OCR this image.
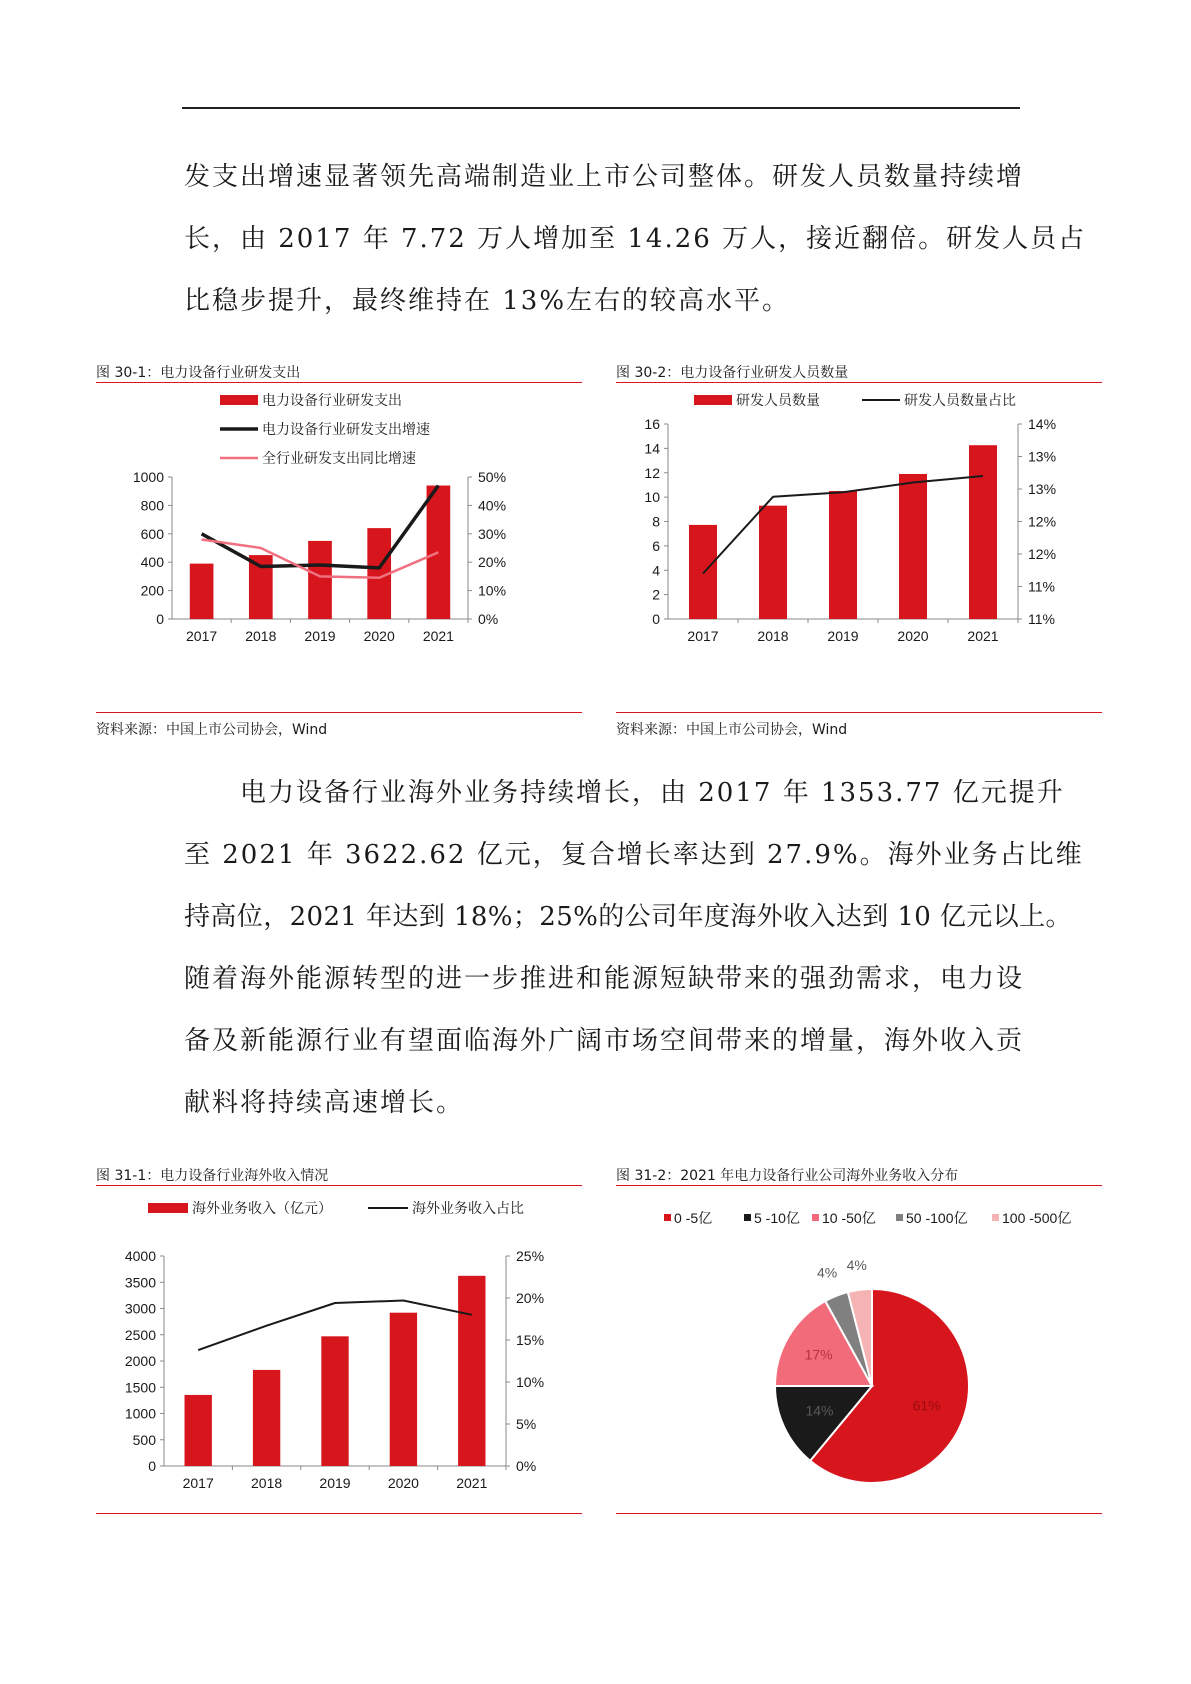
发支出增速显著领先高端制造业上市公司整体。研发人员数量持续增
长，由 2017 年 7.72 万人增加至 14.26 万人，接近翻倍。研发人员占
比稳步提升，最终维持在 13%左右的较高水平。

图 30-1：电力设备行业研发支出
0
200
400
600
800
1000
0%
10%
20%
30%
40%
50%
2017 2018 2019 2020 2021
电力设备行业研发支出
电力设备行业研发支出增速
全行业研发支出同比增速
资料来源：中国上市公司协会，Wind
图 30-2：电力设备行业研发人员数量
0
2
4
6
8
10
12
14
16
11%
11%
12%
12%
13%
13%
14%
2017	2018	2019	2020	2021
研发人员数量	研发人员数量占比
资料来源：中国上市公司协会，Wind

电力设备行业海外业务持续增长，由 2017 年 1353.77 亿元提升
至 2021 年 3622.62 亿元，复合增长率达到 27.9%。海外业务占比维
持高位，2021 年达到 18%；25%的公司年度海外收入达到 10 亿元以上。
随着海外能源转型的进一步推进和能源短缺带来的强劲需求，电力设
备及新能源行业有望面临海外广阔市场空间带来的增量，海外收入贡
献料将持续高速增长。

图 31-1：电力设备行业海外收入情况
0
500
1000
1500
2000
2500
3000
3500
4000
0%
5%
10%
15%
20%
25%
2017	2018	2019	2020	2021
海外业务收入（亿元）	海外业务收入占比
图 31-2：2021 年电力设备行业公司海外业务收入分布
61%
14%
17%
4% 4%
0 -5亿	5 -10亿 10 -50亿 50 -100亿 100 -500亿
